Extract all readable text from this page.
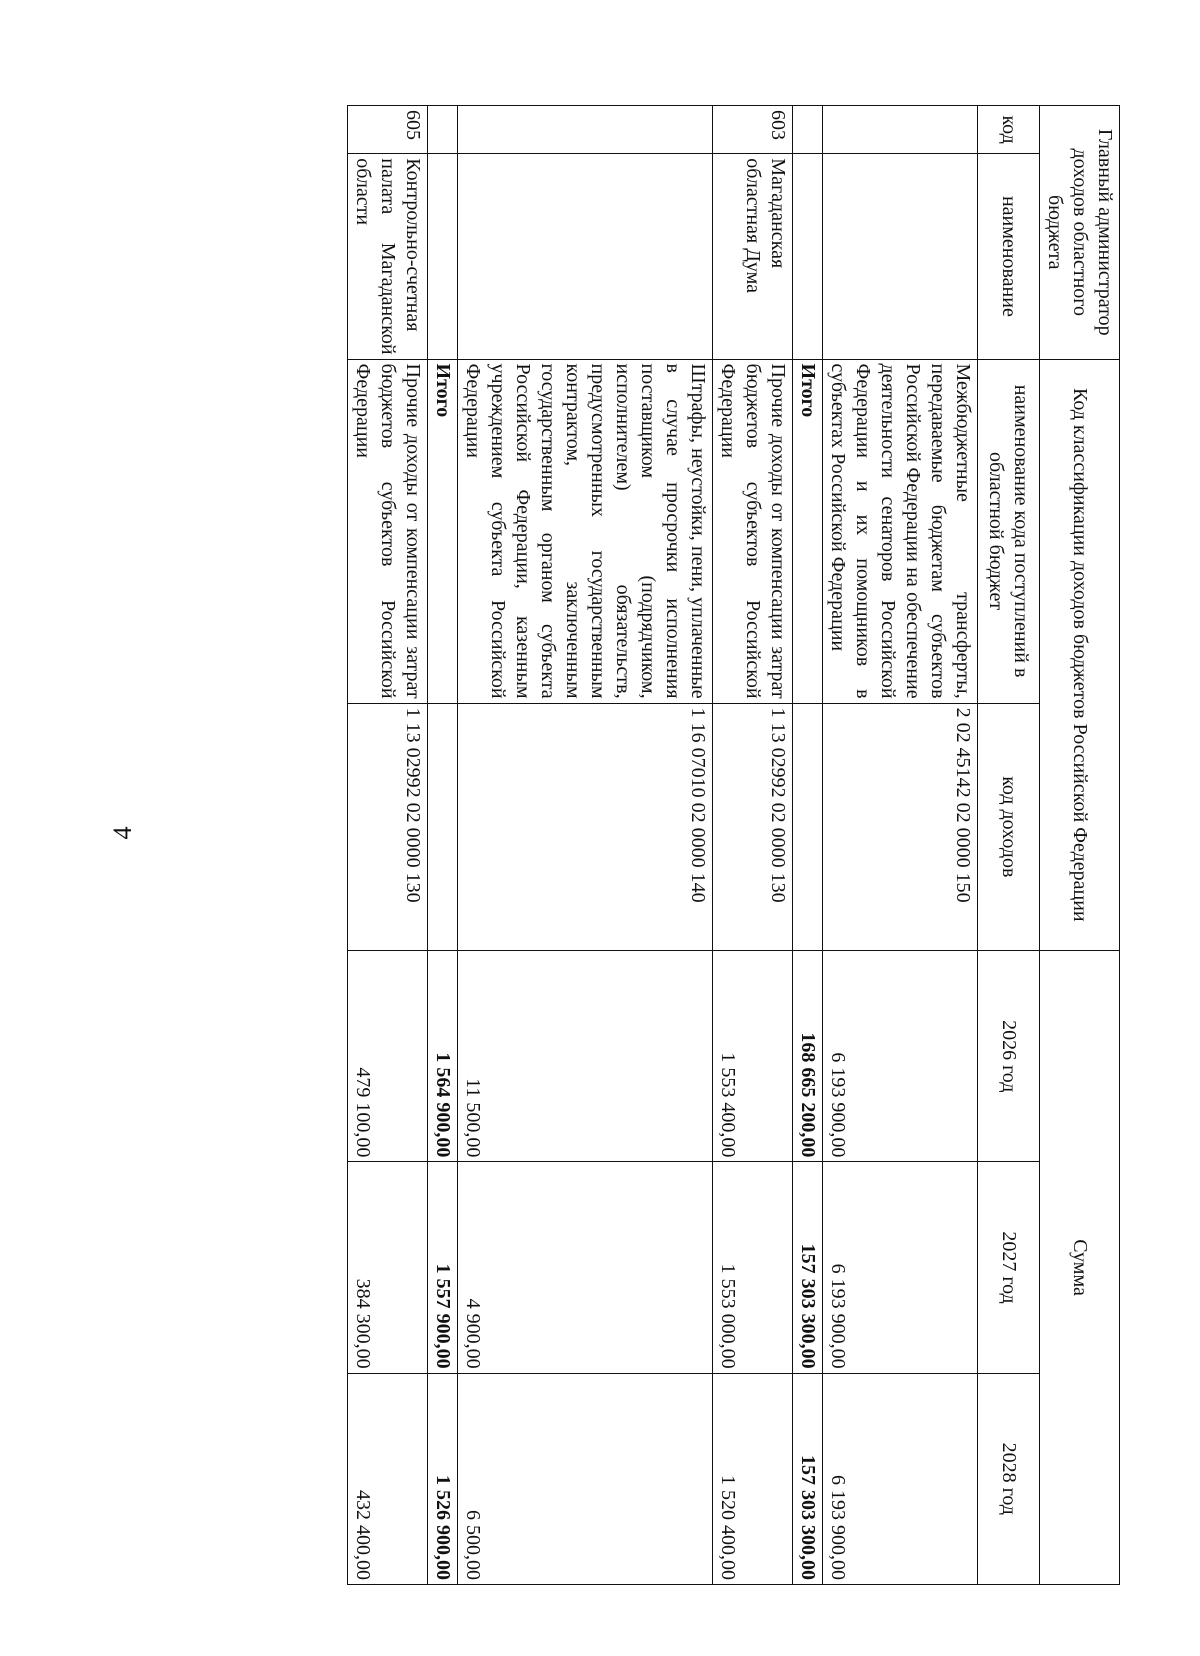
4
Главный администратор доходов областного бюджета		Код классификации доходов бюджетов Российской Федерации		Сумма		
код	наименование	наименование кода поступлений в областной бюджет	код доходов	2026 год	2027 год	2028 год
		Межбюджетные трансферты, передаваемые бюджетам субъектов Российской Федерации на обеспечение деятельности сенаторов Российской Федерации и их помощников в субъектах Российской Федерации	2 02 45142 02 0000 150	6 193 900,00	6 193 900,00	6 193 900,00
		Итого		168 665 200,00	157 303 300,00	157 303 300,00
603	Магаданская областная Дума	Прочие доходы от компенсации затрат бюджетов субъектов Российской Федерации	1 13 02992 02 0000 130	1 553 400,00	1 553 000,00	1 520 400,00
		Штрафы, неустойки, пени, уплаченные в случае просрочки исполнения поставщиком (подрядчиком, исполнителем) обязательств, предусмотренных государственным контрактом, заключенным государственным органом субъекта Российской Федерации, казенным учреждением субъекта Российской Федерации	1 16 07010 02 0000 140	11 500,00	4 900,00	6 500,00
		Итого		1 564 900,00	1 557 900,00	1 526 900,00
605	Контрольно-счетная палата Магаданской области	Прочие доходы от компенсации затрат бюджетов субъектов Российской Федерации	1 13 02992 02 0000 130	479 100,00	384 300,00	432 400,00
